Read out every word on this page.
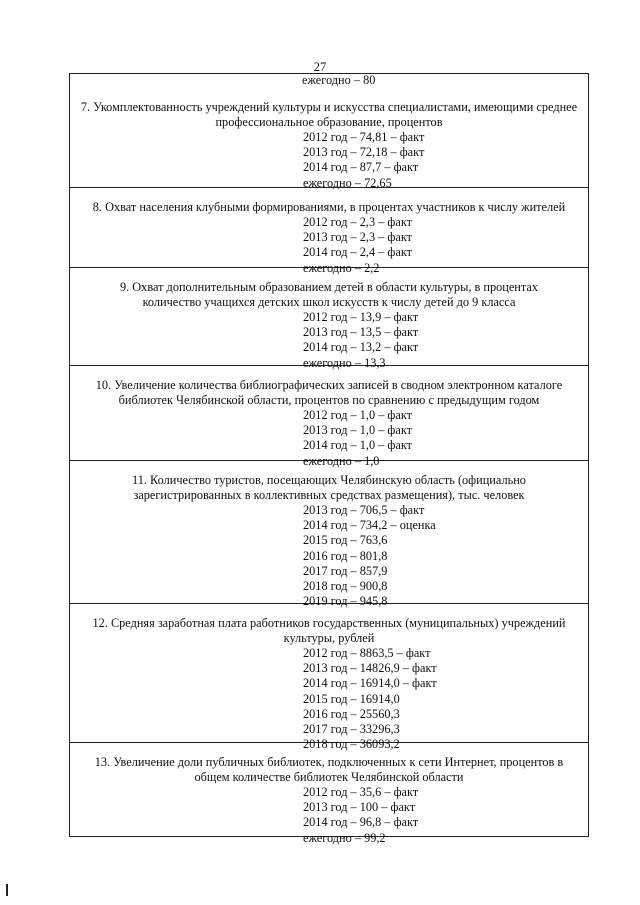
27
ежегодно – 80
7. Укомплектованность учреждений культуры и искусства специалистами, имеющими среднее профессиональное образование, процентов
2012 год – 74,81 – факт
2013 год – 72,18 – факт
2014 год – 87,7 – факт
ежегодно – 72,65
8. Охват населения клубными формированиями, в процентах участников к числу жителей
2012 год – 2,3 – факт
2013 год – 2,3 – факт
2014 год – 2,4 – факт
ежегодно – 2,2
9. Охват дополнительным образованием детей в области культуры, в процентах количество учащихся детских школ искусств к числу детей до 9 класса
2012 год – 13,9 – факт
2013 год – 13,5 – факт
2014 год – 13,2 – факт
ежегодно – 13,3
10. Увеличение количества библиографических записей в сводном электронном каталоге библиотек Челябинской области, процентов по сравнению с предыдущим годом
2012 год – 1,0 – факт
2013 год – 1,0 – факт
2014 год – 1,0 – факт
ежегодно – 1,0
11. Количество туристов, посещающих Челябинскую область (официально зарегистрированных в коллективных средствах размещения), тыс. человек
2013 год – 706,5 – факт
2014 год – 734,2 – оценка
2015 год – 763,6
2016 год – 801,8
2017 год – 857,9
2018 год – 900,8
2019 год – 945,8
12. Средняя заработная плата работников государственных (муниципальных) учреждений культуры, рублей
2012 год – 8863,5 – факт
2013 год – 14826,9 – факт
2014 год – 16914,0 – факт
2015 год – 16914,0
2016 год – 25560,3
2017 год – 33296,3
2018 год – 36093,2
13. Увеличение доли публичных библиотек, подключенных к сети Интернет, процентов в общем количестве библиотек Челябинской области
2012 год – 35,6 – факт
2013 год – 100 – факт
2014 год – 96,8 – факт
ежегодно – 99,2
